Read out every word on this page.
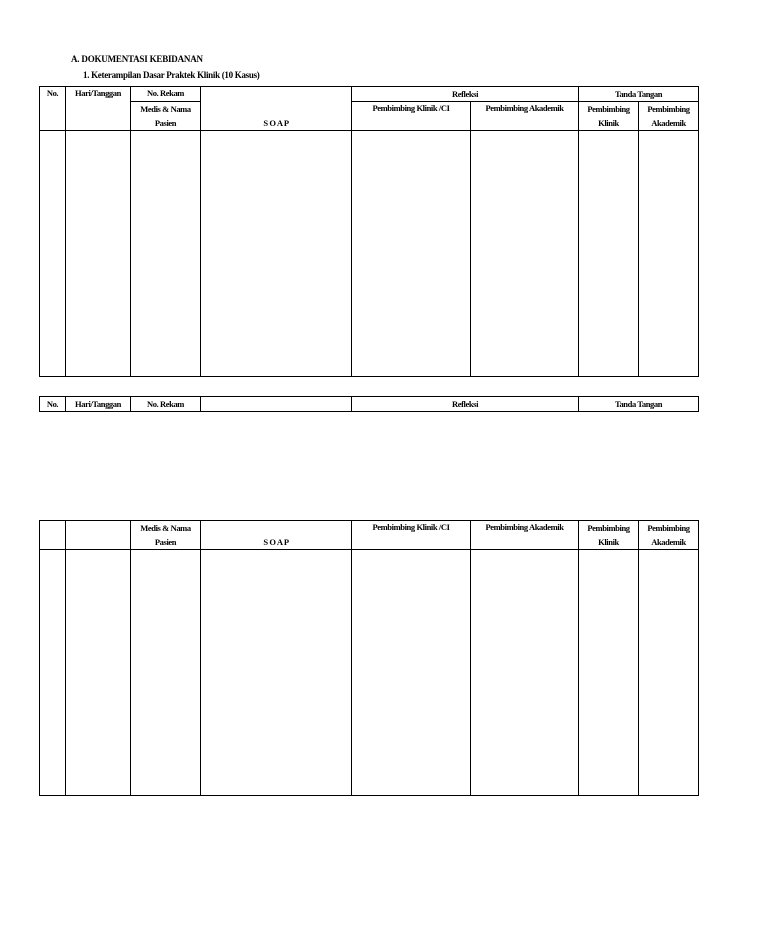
A. DOKUMENTASI KEBIDANAN
1. Keterampilan Dasar Praktek Klinik (10 Kasus)
No.	Hari/Tanggan	No. Rekam	S O A P	Refleksi		Tanda Tangan	
		Medis & Nama		Pembimbing Klinik /CI	Pembimbing Akademik	Pembimbing	Pembimbing
		Pasien				Klinik	Akademik

No.	Hari/Tanggan	No. Rekam		Refleksi	Tanda Tangan
		Medis & Nama	S O A P	Pembimbing Klinik /CI	Pembimbing Akademik	Pembimbing	Pembimbing
		Pasien				Klinik	Akademik
